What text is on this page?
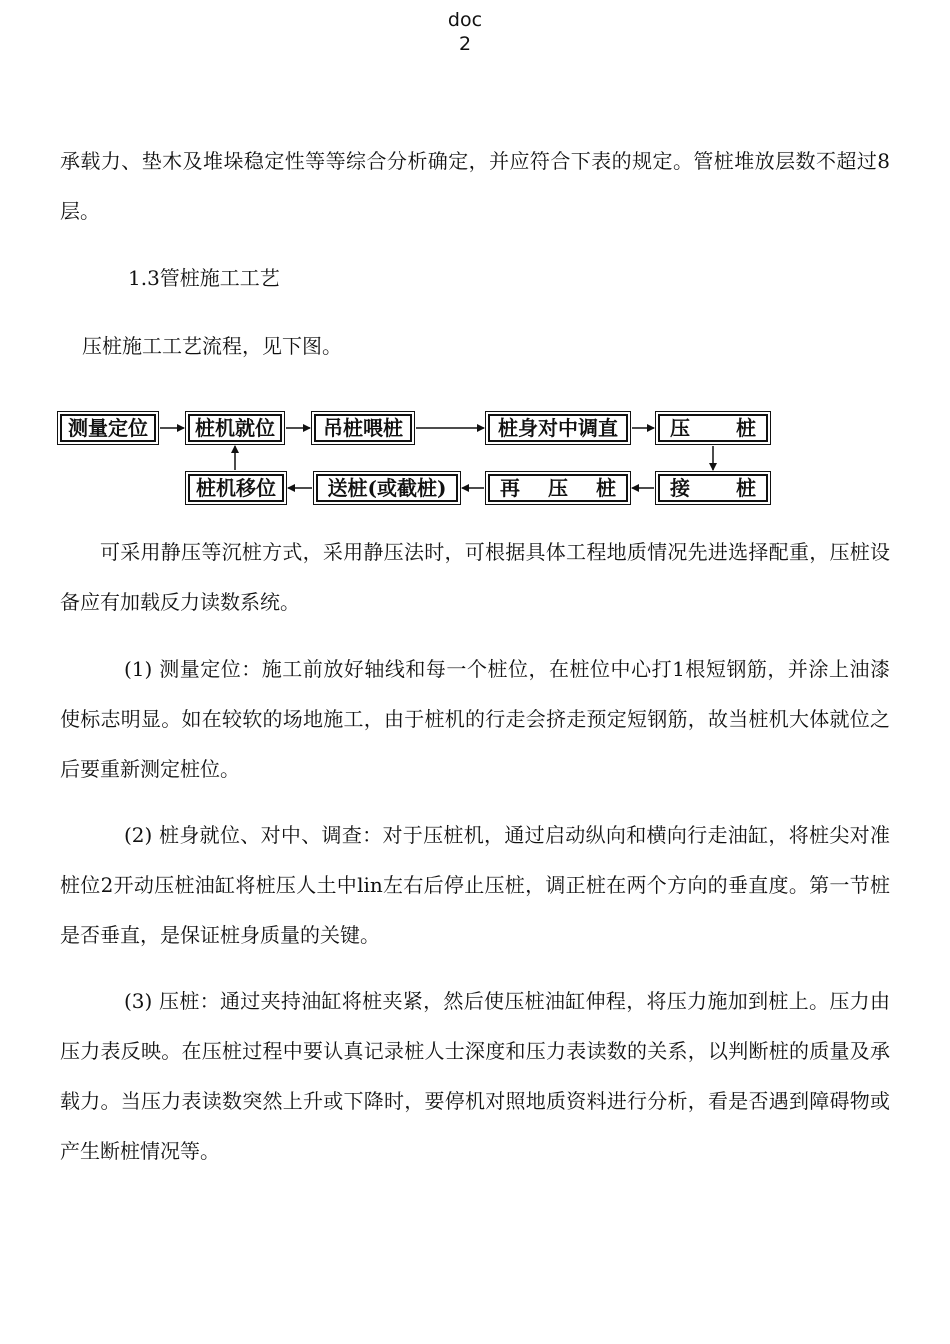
doc
2

承载力、垫木及堆垛稳定性等等综合分析确定，并应符合下表的规定。管桩堆放层数不超过8层。

1.3管桩施工工艺

压桩施工工艺流程，见下图。

测量定位	桩机就位	吊桩喂桩	桩身对中调直	压 桩
桩机移位	送桩(或截桩)	再 压 桩	接 桩

可采用静压等沉桩方式，采用静压法时，可根据具体工程地质情况先进选择配重，压桩设备应有加载反力读数系统。

(1) 测量定位：施工前放好轴线和每一个桩位，在桩位中心打1根短钢筋，并涂上油漆使标志明显。如在较软的场地施工，由于桩机的行走会挤走预定短钢筋，故当桩机大体就位之后要重新测定桩位。

(2) 桩身就位、对中、调查：对于压桩机，通过启动纵向和横向行走油缸，将桩尖对准桩位2开动压桩油缸将桩压人土中lin左右后停止压桩，调正桩在两个方向的垂直度。第一节桩是否垂直，是保证桩身质量的关键。

(3) 压桩：通过夹持油缸将桩夹紧，然后使压桩油缸伸程，将压力施加到桩上。压力由压力表反映。在压桩过程中要认真记录桩人士深度和压力表读数的关系，以判断桩的质量及承载力。当压力表读数突然上升或下降时，要停机对照地质资料进行分析，看是否遇到障碍物或产生断桩情况等。
